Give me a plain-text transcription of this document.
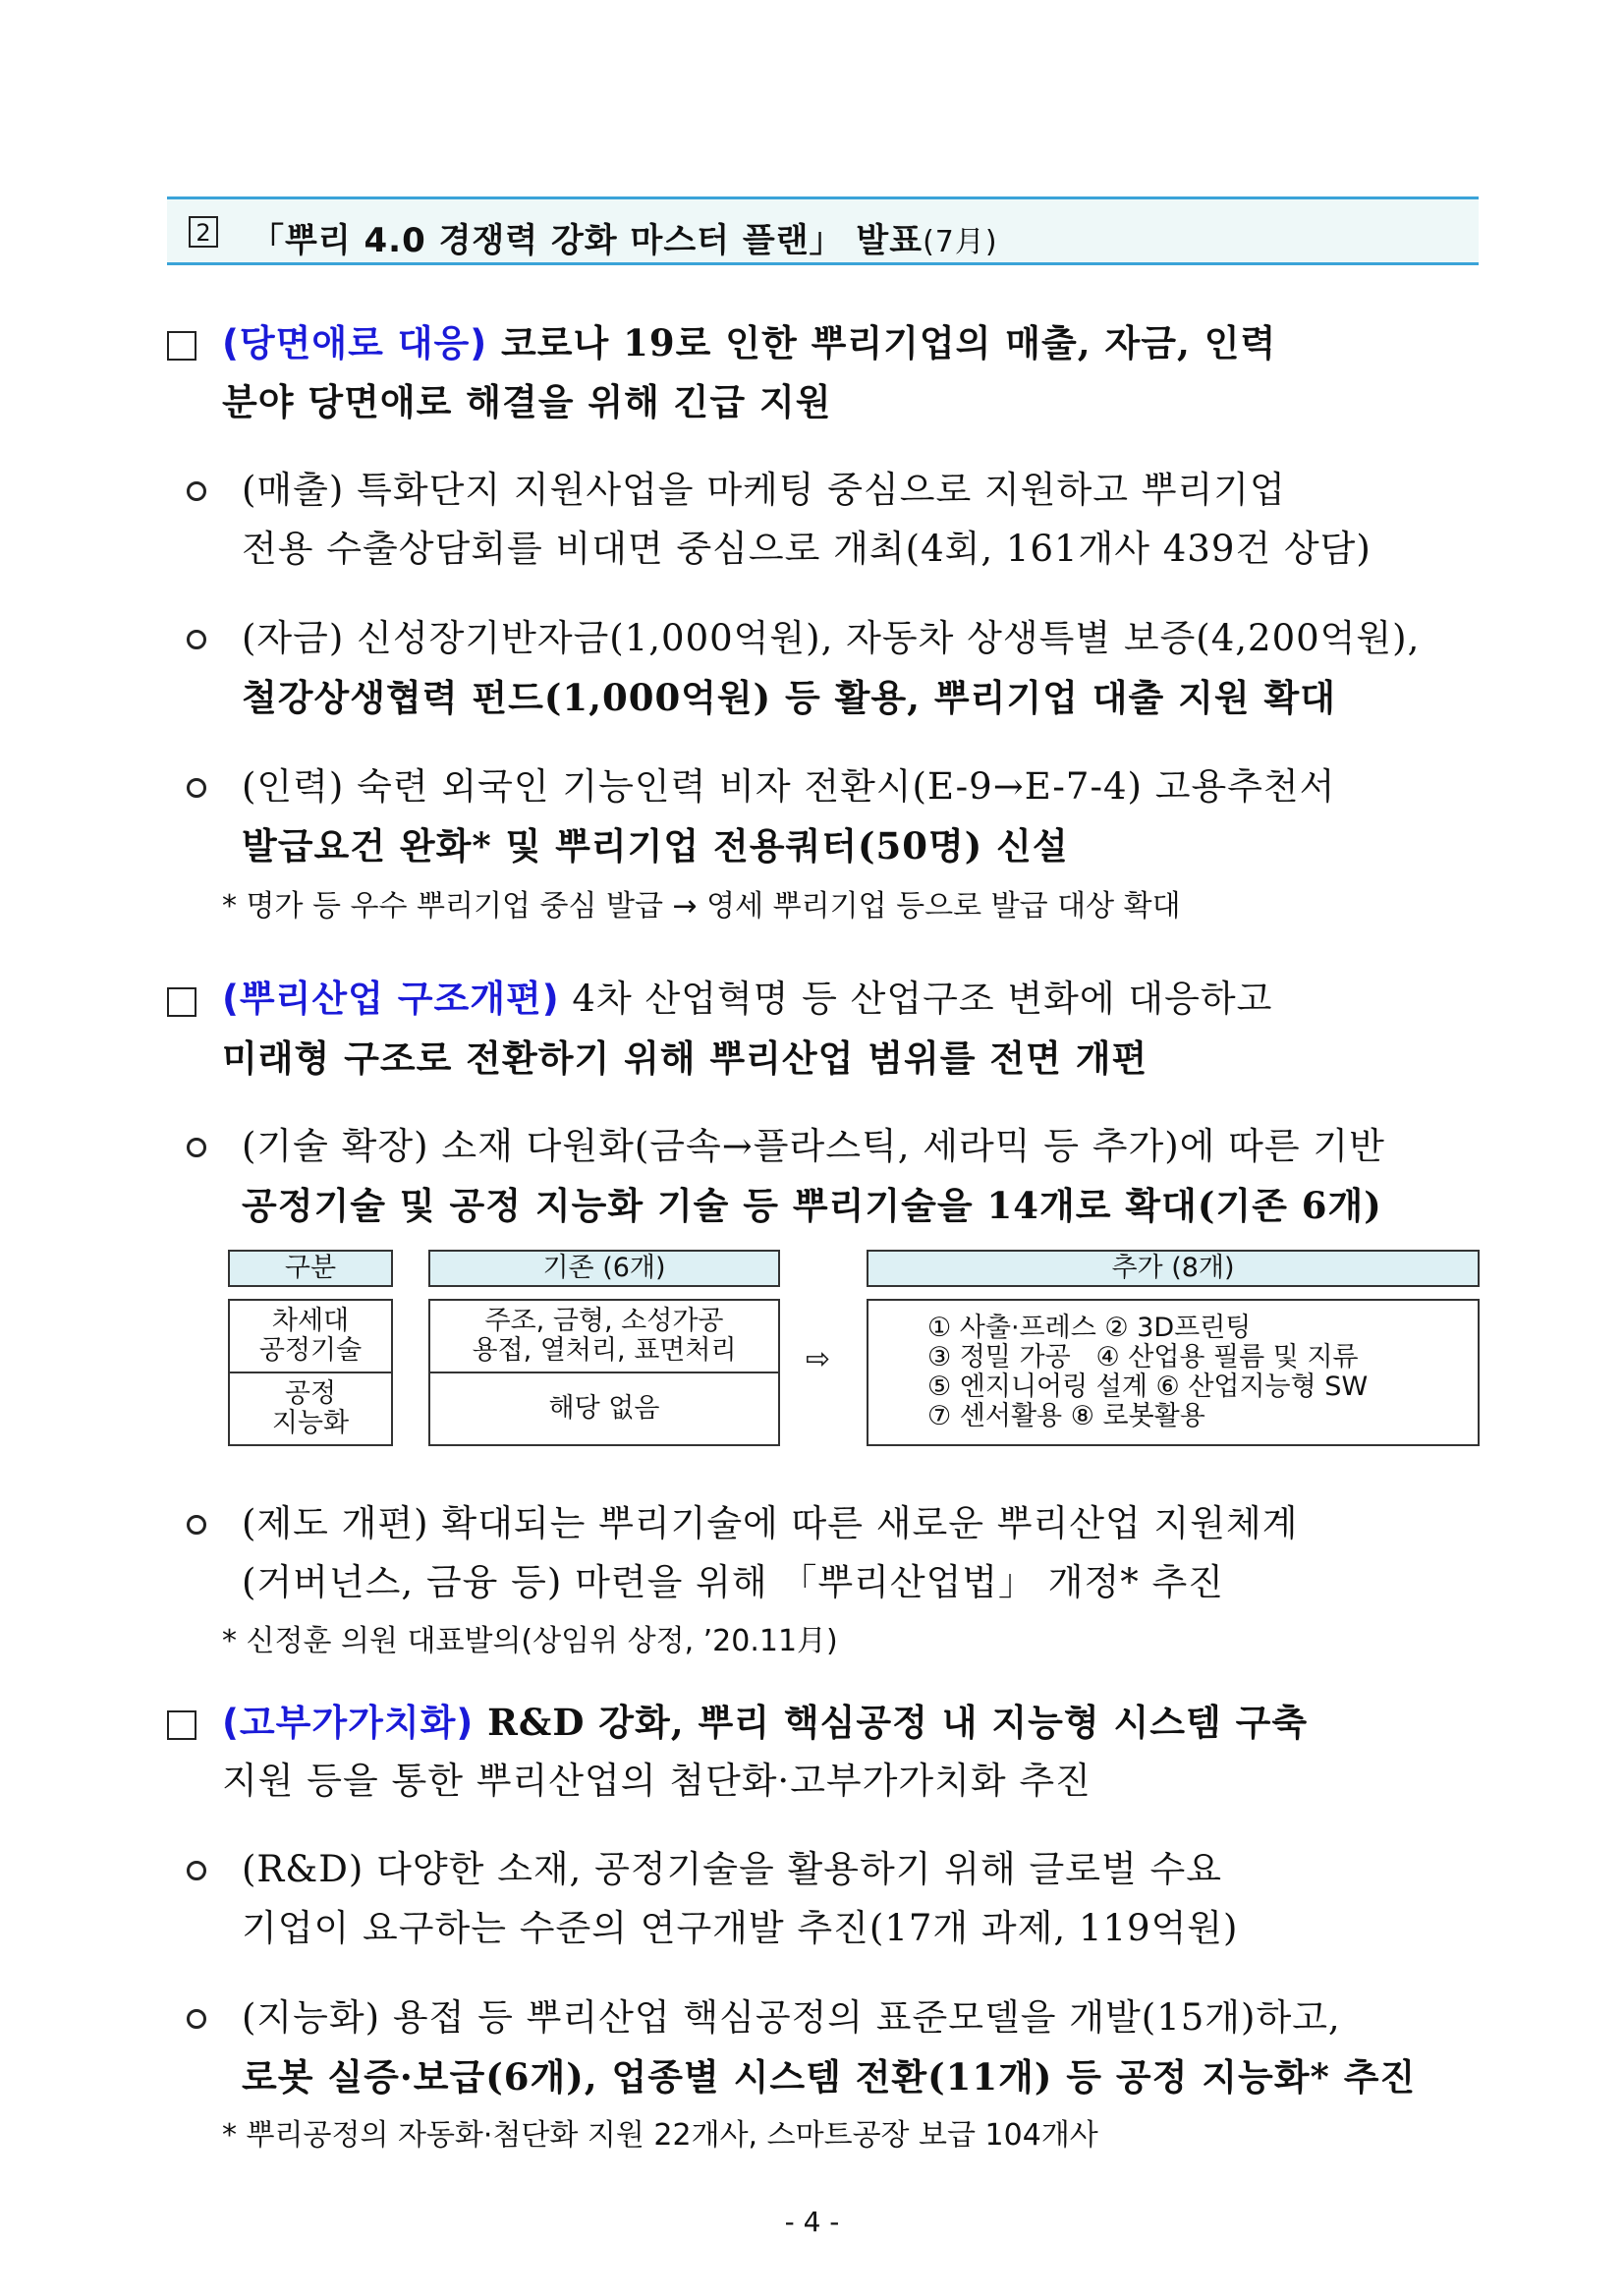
2 「뿌리 4.0 경쟁력 강화 마스터 플랜」 발표(7月)
(당면애로 대응) 코로나 19로 인한 뿌리기업의 매출, 자금, 인력
분야 당면애로 해결을 위해 긴급 지원
(매출) 특화단지 지원사업을 마케팅 중심으로 지원하고 뿌리기업
전용 수출상담회를 비대면 중심으로 개최(4회, 161개사 439건 상담)
(자금) 신성장기반자금(1,000억원), 자동차 상생특별 보증(4,200억원),
철강상생협력 펀드(1,000억원) 등 활용, 뿌리기업 대출 지원 확대
(인력) 숙련 외국인 기능인력 비자 전환시(E-9→E-7-4) 고용추천서
발급요건 완화* 및 뿌리기업 전용쿼터(50명) 신설
* 명가 등 우수 뿌리기업 중심 발급 → 영세 뿌리기업 등으로 발급 대상 확대
(뿌리산업 구조개편) 4차 산업혁명 등 산업구조 변화에 대응하고
미래형 구조로 전환하기 위해 뿌리산업 범위를 전면 개편
(기술 확장) 소재 다원화(금속→플라스틱, 세라믹 등 추가)에 따른 기반
공정기술 및 공정 지능화 기술 등 뿌리기술을 14개로 확대(기존 6개)
구분	기존 (6개)	추가 (8개)
차세대
공정기술
공정
지능화
주조, 금형, 소성가공
용접, 열처리, 표면처리
해당 없음
⇨
① 사출·프레스 ② 3D프린팅
③ 정밀 가공   ④ 산업용 필름 및 지류
⑤ 엔지니어링 설계 ⑥ 산업지능형 SW
⑦ 센서활용 ⑧ 로봇활용
(제도 개편) 확대되는 뿌리기술에 따른 새로운 뿌리산업 지원체계
(거버넌스, 금융 등) 마련을 위해 「뿌리산업법」 개정* 추진
* 신정훈 의원 대표발의(상임위 상정, ’20.11月)
(고부가가치화) R&D 강화, 뿌리 핵심공정 내 지능형 시스템 구축
지원 등을 통한 뿌리산업의 첨단화·고부가가치화 추진
(R&D) 다양한 소재, 공정기술을 활용하기 위해 글로벌 수요
기업이 요구하는 수준의 연구개발 추진(17개 과제, 119억원)
(지능화) 용접 등 뿌리산업 핵심공정의 표준모델을 개발(15개)하고,
로봇 실증·보급(6개), 업종별 시스템 전환(11개) 등 공정 지능화* 추진
* 뿌리공정의 자동화·첨단화 지원 22개사, 스마트공장 보급 104개사
- 4 -
